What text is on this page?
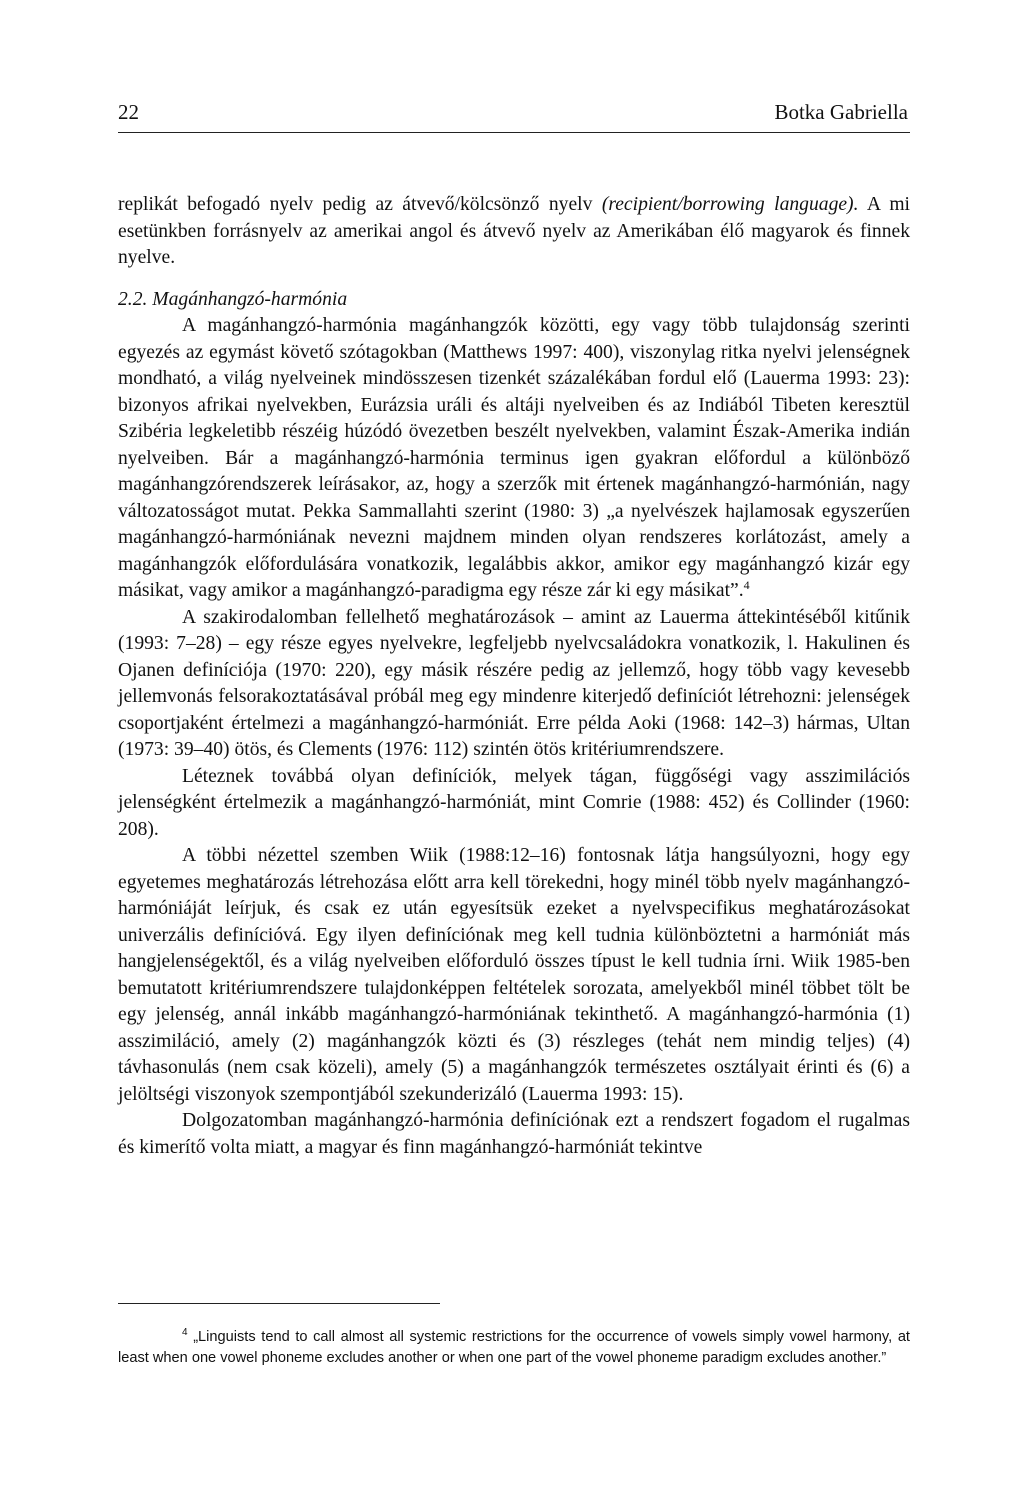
22	Botka Gabriella

replikát befogadó nyelv pedig az átvevő/kölcsönző nyelv (recipient/borrowing language). A mi esetünkben forrásnyelv az amerikai angol és átvevő nyelv az Amerikában élő magyarok és finnek nyelve.

2.2. Magánhangzó-harmónia

A magánhangzó-harmónia magánhangzók közötti, egy vagy több tulajdonság szerinti egyezés az egymást követő szótagokban (Matthews 1997: 400), viszonylag ritka nyelvi jelenségnek mondható, a világ nyelveinek mindösszesen tizenkét százalékában fordul elő (Lauerma 1993: 23): bizonyos afrikai nyelvekben, Eurázsia uráli és altáji nyelveiben és az Indiából Tibeten keresztül Szibéria legkeletibb részéig húzódó övezetben beszélt nyelvekben, valamint Észak-Amerika indián nyelveiben. Bár a magánhangzó-harmónia terminus igen gyakran előfordul a különböző magánhangzórendszerek leírásakor, az, hogy a szerzők mit értenek magánhangzó-harmónián, nagy változatosságot mutat. Pekka Sammallahti szerint (1980: 3) „a nyelvészek hajlamosak egyszerűen magánhangzó-harmóniának nevezni majdnem minden olyan rendszeres korlátozást, amely a magánhangzók előfordulására vonatkozik, legalábbis akkor, amikor egy magánhangzó kizár egy másikat, vagy amikor a magánhangzó-paradigma egy része zár ki egy másikat”.$^4$

A szakirodalomban fellelhető meghatározások – amint az Lauerma áttekintéséből kitűnik (1993: 7–28) – egy része egyes nyelvekre, legfeljebb nyelvcsaládokra vonatkozik, l. Hakulinen és Ojanen definíciója (1970: 220), egy másik részére pedig az jellemző, hogy több vagy kevesebb jellemvonás felsorakoztatásával próbál meg egy mindenre kiterjedő definíciót létrehozni: jelenségek csoportjaként értelmezi a magánhangzó-harmóniát. Erre példa Aoki (1968: 142–3) hármas, Ultan (1973: 39–40) ötös, és Clements (1976: 112) szintén ötös kritériumrendszere.

Léteznek továbbá olyan definíciók, melyek tágan, függőségi vagy asszimilációs jelenségként értelmezik a magánhangzó-harmóniát, mint Comrie (1988: 452) és Collinder (1960: 208).

A többi nézettel szemben Wiik (1988:12–16) fontosnak látja hangsúlyozni, hogy egy egyetemes meghatározás létrehozása előtt arra kell törekedni, hogy minél több nyelv magánhangzó-harmóniáját leírjuk, és csak ez után egyesítsük ezeket a nyelvspecifikus meghatározásokat univerzális definícióvá. Egy ilyen definíciónak meg kell tudnia különböztetni a harmóniát más hangjelenségektől, és a világ nyelveiben előforduló összes típust le kell tudnia írni. Wiik 1985-ben bemutatott kritériumrendszere tulajdonképpen feltételek sorozata, amelyekből minél többet tölt be egy jelenség, annál inkább magánhangzó-harmóniának tekinthető. A magánhangzó-harmónia (1) asszimiláció, amely (2) magánhangzók közti és (3) részleges (tehát nem mindig teljes) (4) távhasonulás (nem csak közeli), amely (5) a magánhangzók természetes osztályait érinti és (6) a jelöltségi viszonyok szempontjából szekunderizáló (Lauerma 1993: 15).

Dolgozatomban magánhangzó-harmónia definíciónak ezt a rendszert fogadom el rugalmas és kimerítő volta miatt, a magyar és finn magánhangzó-harmóniát tekintve

$^4$ „Linguists tend to call almost all systemic restrictions for the occurrence of vowels simply vowel harmony, at least when one vowel phoneme excludes another or when one part of the vowel phoneme paradigm excludes another.”
